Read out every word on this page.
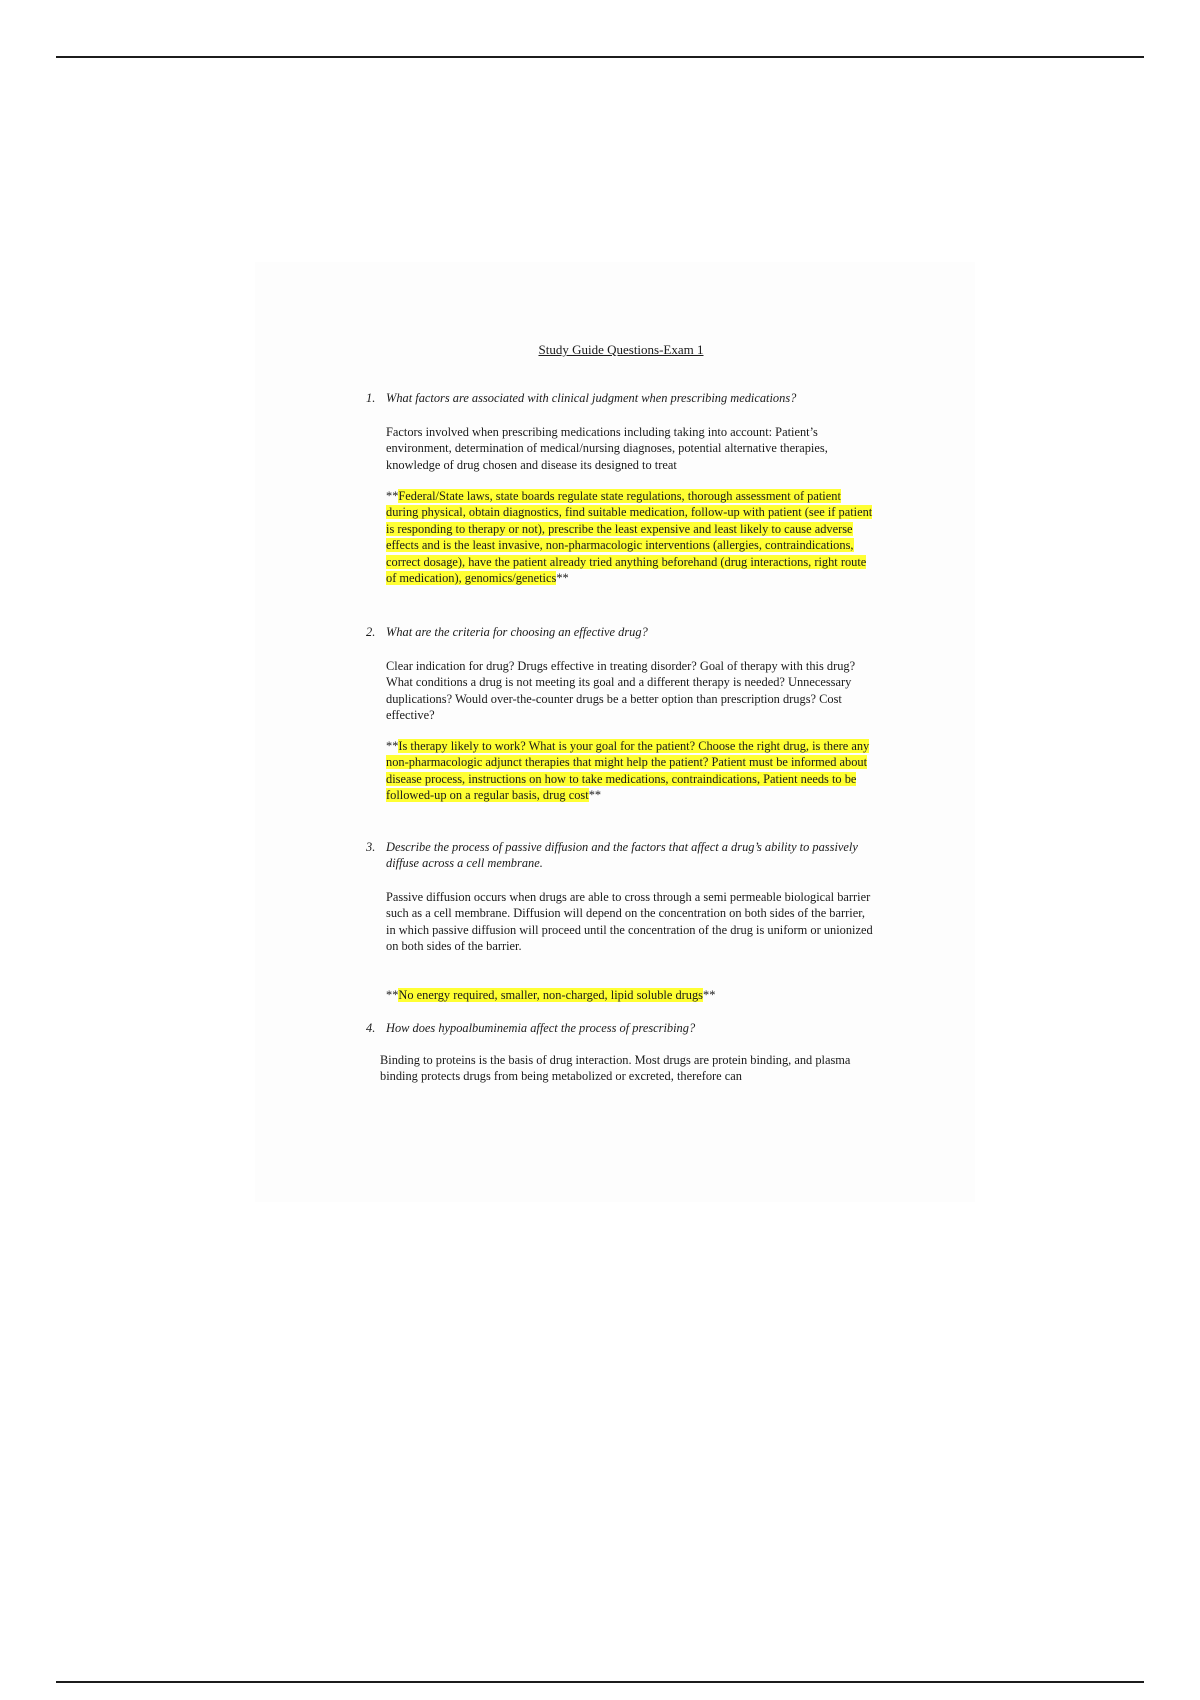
Study Guide Questions-Exam 1
1. What factors are associated with clinical judgment when prescribing medications?
Factors involved when prescribing medications including taking into account: Patient’s environment, determination of medical/nursing diagnoses, potential alternative therapies, knowledge of drug chosen and disease its designed to treat
**Federal/State laws, state boards regulate state regulations, thorough assessment of patient during physical, obtain diagnostics, find suitable medication, follow-up with patient (see if patient is responding to therapy or not), prescribe the least expensive and least likely to cause adverse effects and is the least invasive, non-pharmacologic interventions (allergies, contraindications, correct dosage), have the patient already tried anything beforehand (drug interactions, right route of medication), genomics/genetics**
2. What are the criteria for choosing an effective drug?
Clear indication for drug? Drugs effective in treating disorder? Goal of therapy with this drug? What conditions a drug is not meeting its goal and a different therapy is needed? Unnecessary duplications? Would over-the-counter drugs be a better option than prescription drugs? Cost effective?
**Is therapy likely to work? What is your goal for the patient? Choose the right drug, is there any non-pharmacologic adjunct therapies that might help the patient? Patient must be informed about disease process, instructions on how to take medications, contraindications, Patient needs to be followed-up on a regular basis, drug cost**
3. Describe the process of passive diffusion and the factors that affect a drug’s ability to passively diffuse across a cell membrane.
Passive diffusion occurs when drugs are able to cross through a semi permeable biological barrier such as a cell membrane. Diffusion will depend on the concentration on both sides of the barrier, in which passive diffusion will proceed until the concentration of the drug is uniform or unionized on both sides of the barrier.
**No energy required, smaller, non-charged, lipid soluble drugs**
4. How does hypoalbuminemia affect the process of prescribing?
Binding to proteins is the basis of drug interaction. Most drugs are protein binding, and plasma binding protects drugs from being metabolized or excreted, therefore can
